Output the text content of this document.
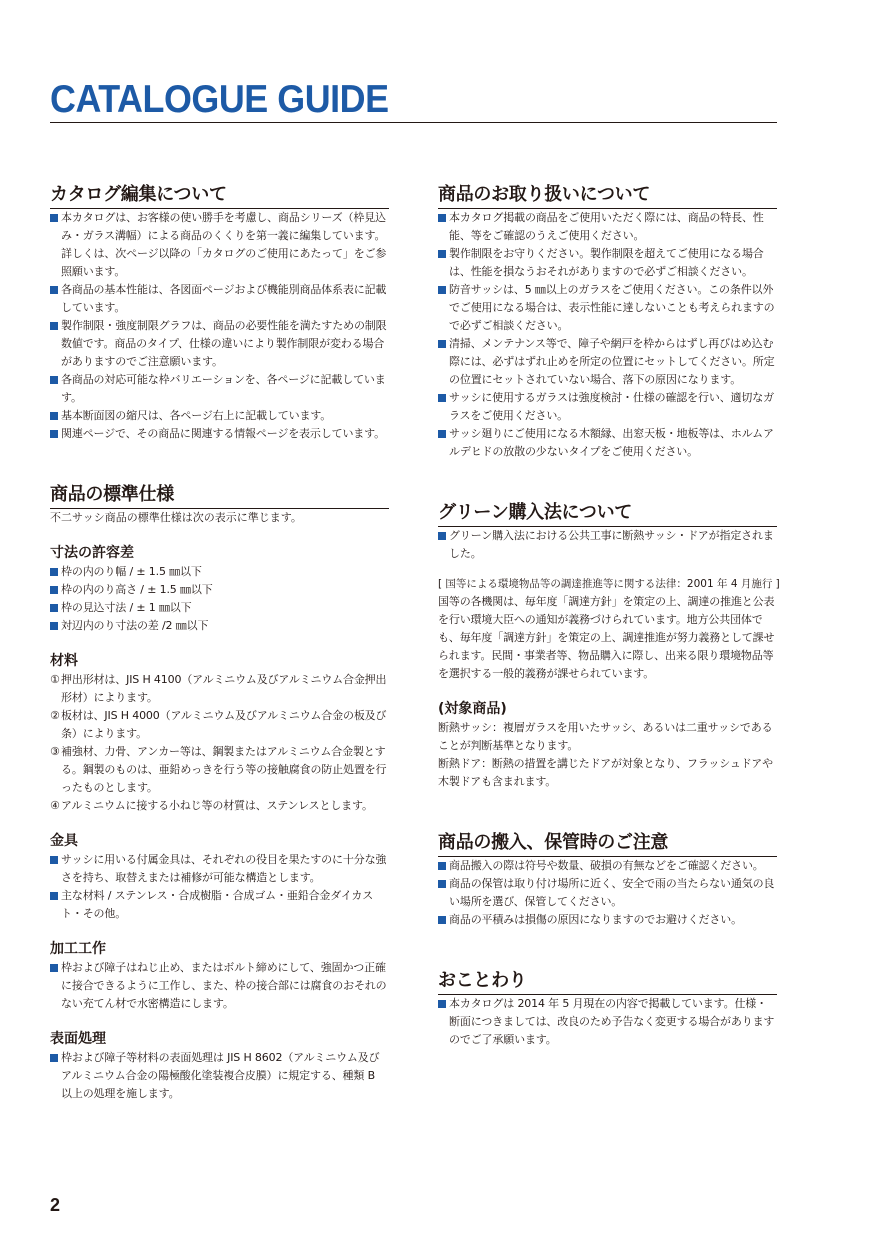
CATALOGUE GUIDE
カタログ編集について
本カタログは、お客様の使い勝手を考慮し、商品シリーズ（枠見込み・ガラス溝幅）による商品のくくりを第一義に編集しています。詳しくは、次ページ以降の「カタログのご使用にあたって」をご参照願います。
各商品の基本性能は、各図面ページおよび機能別商品体系表に記載しています。
製作制限・強度制限グラフは、商品の必要性能を満たすための制限数値です。商品のタイプ、仕様の違いにより製作制限が変わる場合がありますのでご注意願います。
各商品の対応可能な枠バリエーションを、各ページに記載しています。
基本断面図の縮尺は、各ページ右上に記載しています。
関連ページで、その商品に関連する情報ページを表示しています。
商品の標準仕様

不二サッシ商品の標準仕様は次の表示に準じます。

寸法の許容差
枠の内のり幅 / ± 1.5 ㎜以下
枠の内のり高さ / ± 1.5 ㎜以下
枠の見込寸法 / ± 1 ㎜以下
対辺内のり寸法の差 /2 ㎜以下
材料
① 押出形材は、JIS H 4100（アルミニウム及びアルミニウム合金押出形材）によります。
② 板材は、JIS H 4000（アルミニウム及びアルミニウム合金の板及び条）によります。
③ 補強材、力骨、アンカー等は、鋼製またはアルミニウム合金製とする。鋼製のものは、亜鉛めっきを行う等の接触腐食の防止処置を行ったものとします。
④ アルミニウムに接する小ねじ等の材質は、ステンレスとします。
金具
サッシに用いる付属金具は、それぞれの役目を果たすのに十分な強さを持ち、取替えまたは補修が可能な構造とします。
主な材料 / ステンレス・合成樹脂・合成ゴム・亜鉛合金ダイカスト・その他。
加工工作
枠および障子はねじ止め、またはボルト締めにして、強固かつ正確に接合できるように工作し、また、枠の接合部には腐食のおそれのない充てん材で水密構造にします。
表面処理
枠および障子等材料の表面処理は JIS H 8602（アルミニウム及びアルミニウム合金の陽極酸化塗装複合皮膜）に規定する、種類 B 以上の処理を施します。
商品のお取り扱いについて
本カタログ掲載の商品をご使用いただく際には、商品の特長、性能、等をご確認のうえご使用ください。
製作制限をお守りください。製作制限を超えてご使用になる場合は、性能を損なうおそれがありますので必ずご相談ください。
防音サッシは、5 ㎜以上のガラスをご使用ください。この条件以外でご使用になる場合は、表示性能に達しないことも考えられますので必ずご相談ください。
清掃、メンテナンス等で、障子や網戸を枠からはずし再びはめ込む際には、必ずはずれ止めを所定の位置にセットしてください。所定の位置にセットされていない場合、落下の原因になります。
サッシに使用するガラスは強度検討・仕様の確認を行い、適切なガラスをご使用ください。
サッシ廻りにご使用になる木額縁、出窓天板・地板等は、ホルムアルデヒドの放散の少ないタイプをご使用ください。
グリーン購入法について
グリーン購入法における公共工事に断熱サッシ・ドアが指定されました。

[ 国等による環境物品等の調達推進等に関する法律：2001 年 4 月施行 ]

国等の各機関は、毎年度「調達方針」を策定の上、調達の推進と公表を行い環境大臣への通知が義務づけられています。地方公共団体でも、毎年度「調達方針」を策定の上、調達推進が努力義務として課せられます。民間・事業者等、物品購入に際し、出来る限り環境物品等を選択する一般的義務が課せられています。

(対象商品)

断熱サッシ：複層ガラスを用いたサッシ、あるいは二重サッシであることが判断基準となります。

断熱ドア：断熱の措置を講じたドアが対象となり、フラッシュドアや木製ドアも含まれます。

商品の搬入、保管時のご注意
商品搬入の際は符号や数量、破損の有無などをご確認ください。
商品の保管は取り付け場所に近く、安全で雨の当たらない通気の良い場所を選び、保管してください。
商品の平積みは損傷の原因になりますのでお避けください。
おことわり
本カタログは 2014 年 5 月現在の内容で掲載しています。仕様・断面につきましては、改良のため予告なく変更する場合がありますのでご了承願います。
2
